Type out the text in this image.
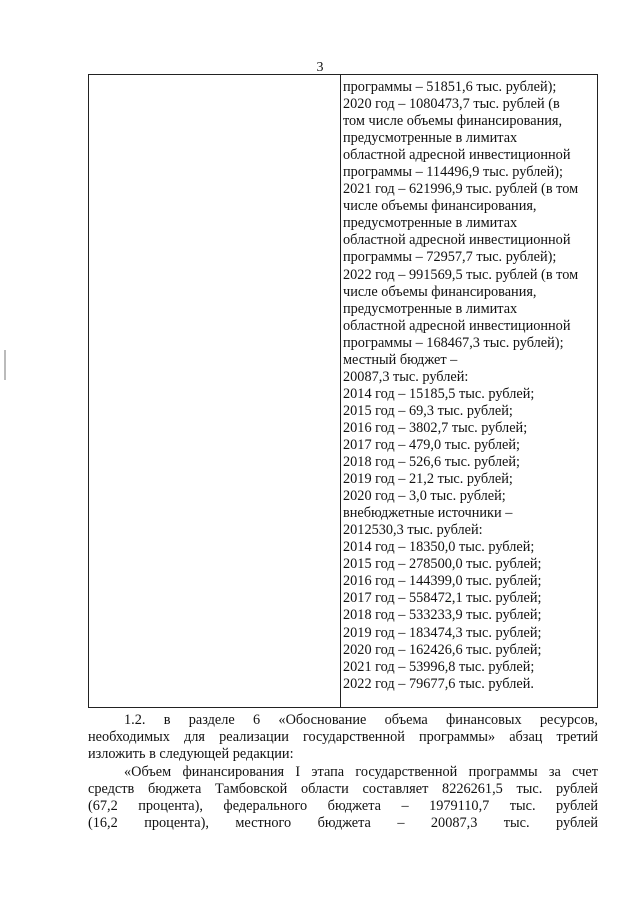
3
программы – 51851,6 тыс. рублей);
2020 год – 1080473,7 тыс. рублей (в
том числе объемы финансирования,
предусмотренные в лимитах
областной адресной инвестиционной
программы – 114496,9 тыс. рублей);
2021 год – 621996,9 тыс. рублей (в том
числе объемы финансирования,
предусмотренные в лимитах
областной адресной инвестиционной
программы – 72957,7 тыс. рублей);
2022 год – 991569,5 тыс. рублей (в том
числе объемы финансирования,
предусмотренные в лимитах
областной адресной инвестиционной
программы – 168467,3 тыс. рублей);
местный бюджет –
20087,3 тыс. рублей:
2014 год – 15185,5 тыс. рублей;
2015 год – 69,3 тыс. рублей;
2016 год – 3802,7 тыс. рублей;
2017 год – 479,0 тыс. рублей;
2018 год – 526,6 тыс. рублей;
2019 год – 21,2 тыс. рублей;
2020 год – 3,0 тыс. рублей;
внебюджетные источники –
2012530,3 тыс. рублей:
2014 год – 18350,0 тыс. рублей;
2015 год – 278500,0 тыс. рублей;
2016 год – 144399,0 тыс. рублей;
2017 год – 558472,1 тыс. рублей;
2018 год – 533233,9 тыс. рублей;
2019 год – 183474,3 тыс. рублей;
2020 год – 162426,6 тыс. рублей;
2021 год – 53996,8 тыс. рублей;
2022 год – 79677,6 тыс. рублей.
1.2. в разделе 6 «Обоснование объема финансовых ресурсов,
необходимых для реализации государственной программы» абзац третий
изложить в следующей редакции:
«Объем финансирования I этапа государственной программы за счет
средств бюджета Тамбовской области составляет 8226261,5 тыс. рублей
(67,2 процента), федерального бюджета – 1979110,7 тыс. рублей
(16,2 процента), местного бюджета – 20087,3 тыс. рублей
